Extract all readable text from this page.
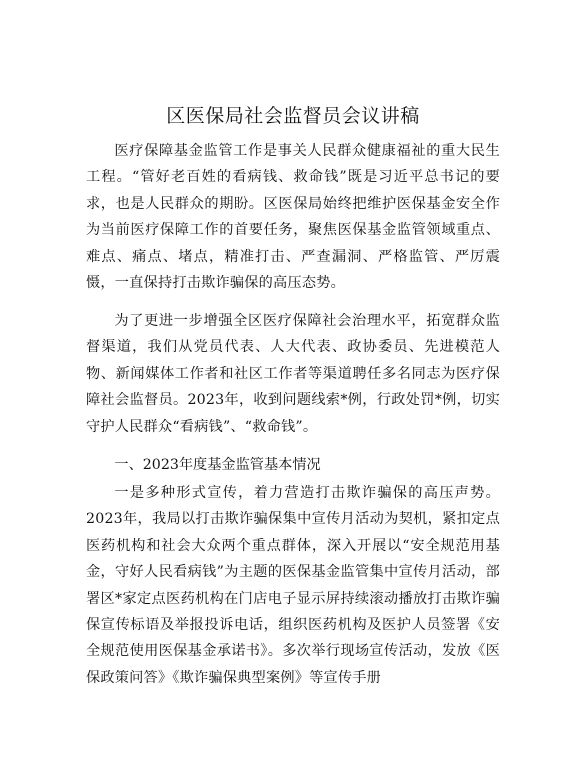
区医保局社会监督员会议讲稿

医疗保障基金监管工作是事关人民群众健康福祉的重大民生工程。“管好老百姓的看病钱、救命钱”既是习近平总书记的要求，也是人民群众的期盼。区医保局始终把维护医保基金安全作为当前医疗保障工作的首要任务，聚焦医保基金监管领域重点、难点、痛点、堵点，精准打击、严查漏洞、严格监管、严厉震慑，一直保持打击欺诈骗保的高压态势。

为了更进一步增强全区医疗保障社会治理水平，拓宽群众监督渠道，我们从党员代表、人大代表、政协委员、先进模范人物、新闻媒体工作者和社区工作者等渠道聘任多名同志为医疗保障社会监督员。2023年，收到问题线索*例，行政处罚*例，切实守护人民群众“看病钱”、“救命钱”。

一、2023年度基金监管基本情况

一是多种形式宣传，着力营造打击欺诈骗保的高压声势。2023年，我局以打击欺诈骗保集中宣传月活动为契机，紧扣定点医药机构和社会大众两个重点群体，深入开展以“安全规范用基金，守好人民看病钱”为主题的医保基金监管集中宣传月活动，部署区*家定点医药机构在门店电子显示屏持续滚动播放打击欺诈骗保宣传标语及举报投诉电话，组织医药机构及医护人员签署《安全规范使用医保基金承诺书》。多次举行现场宣传活动，发放《医保政策问答》《欺诈骗保典型案例》等宣传手册
